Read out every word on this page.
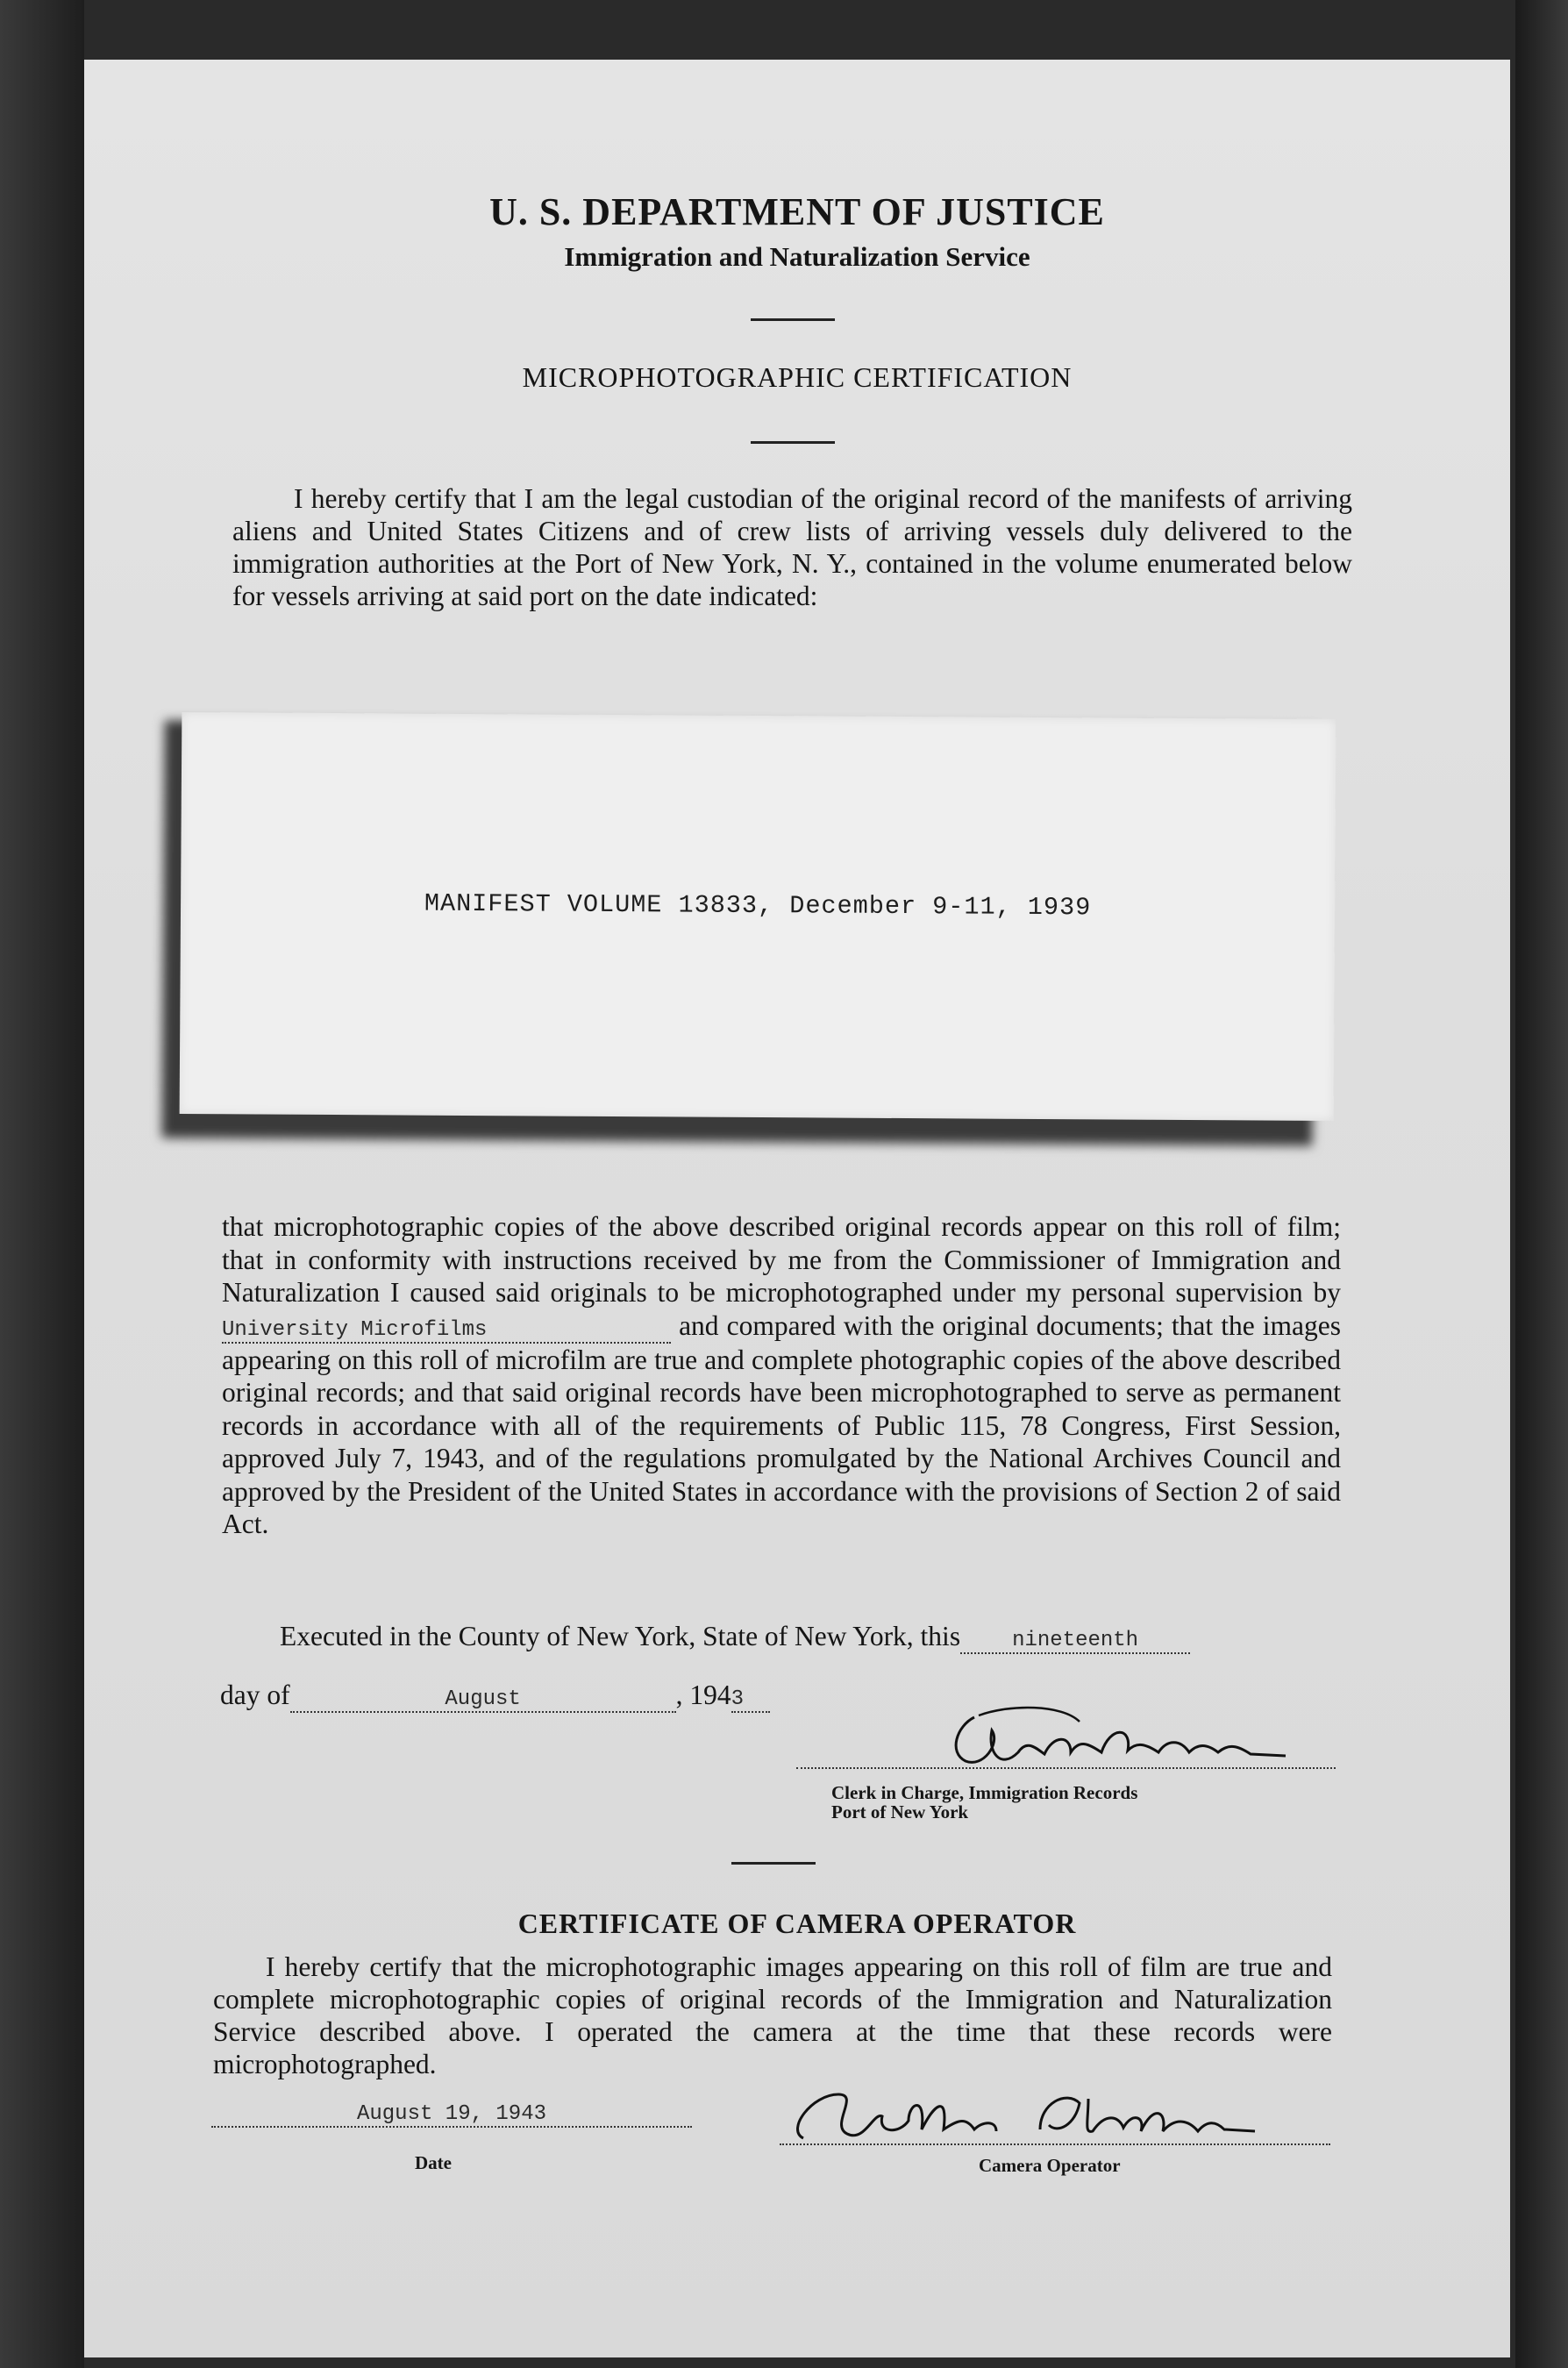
U. S. DEPARTMENT OF JUSTICE
Immigration and Naturalization Service
MICROPHOTOGRAPHIC CERTIFICATION
I hereby certify that I am the legal custodian of the original record of the manifests of arriving aliens and United States Citizens and of crew lists of arriving vessels duly delivered to the immigration authorities at the Port of New York, N. Y., contained in the volume enumerated below for vessels arriving at said port on the date indicated:
MANIFEST VOLUME 13833, December 9-11, 1939
that microphotographic copies of the above described original records appear on this roll of film; that in conformity with instructions received by me from the Commissioner of Immigration and Naturalization I caused said originals to be microphotographed under my personal supervision by University Microfilms	and compared with the original documents; that the images appearing on this roll of microfilm are true and complete photographic copies of the above described original records; and that said original records have been microphotographed to serve as permanent records in accordance with all of the requirements of Public 115, 78 Congress, First Session, approved July 7, 1943, and of the regulations promulgated by the National Archives Council and approved by the President of the United States in accordance with the provisions of Section 2 of said Act.
Executed in the County of New York, State of New York, this nineteenth
day of	August	, 1943
Clerk in Charge, Immigration Records
Port of New York
CERTIFICATE OF CAMERA OPERATOR
I hereby certify that the microphotographic images appearing on this roll of film are true and complete microphotographic copies of original records of the Immigration and Naturalization Service described above. I operated the camera at the time that these records were microphotographed.
August 19, 1943
Date	Camera Operator
